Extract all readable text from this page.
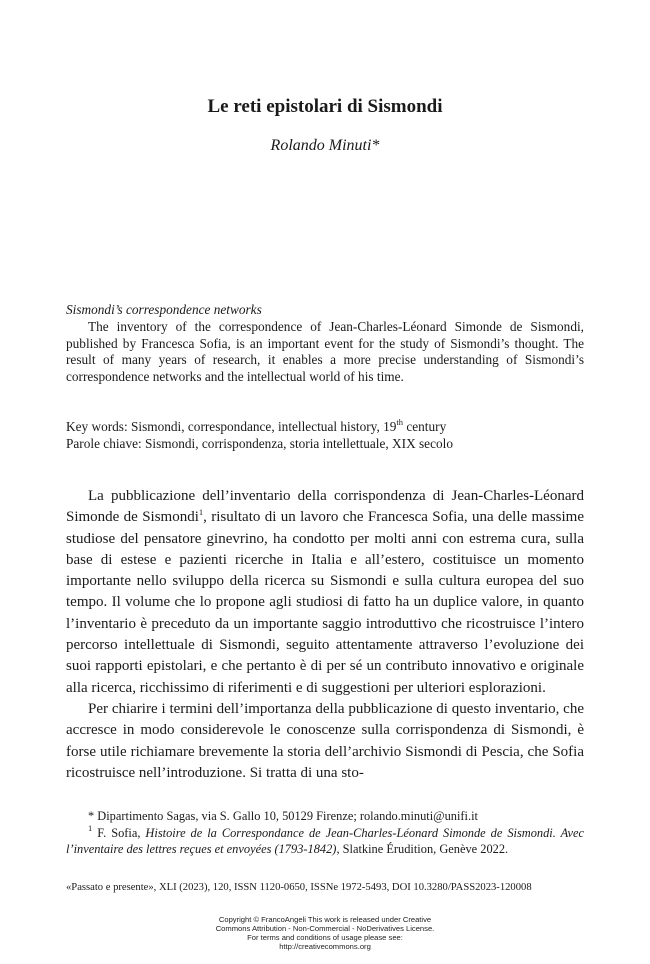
Le reti epistolari di Sismondi
Rolando Minuti*
Sismondi’s correspondence networks
The inventory of the correspondence of Jean-Charles-Léonard Simonde de Sismondi, published by Francesca Sofia, is an important event for the study of Sismondi’s thought. The result of many years of research, it enables a more precise understanding of Sismondi’s correspondence networks and the intellectual world of his time.
Key words: Sismondi, correspondance, intellectual history, 19th century
Parole chiave: Sismondi, corrispondenza, storia intellettuale, XIX secolo

La pubblicazione dell’inventario della corrispondenza di Jean-Charles-Léonard Simonde de Sismondi$^1$, risultato di un lavoro che Francesca Sofia, una delle massime studiose del pensatore ginevrino, ha condotto per molti anni con estrema cura, sulla base di estese e pazienti ricerche in Italia e all’estero, costituisce un momento importante nello sviluppo della ricerca su Sismondi e sulla cultura europea del suo tempo. Il volume che lo propone agli studiosi di fatto ha un duplice valore, in quanto l’inventario è preceduto da un importante saggio introduttivo che ricostruisce l’intero percorso intellettuale di Sismondi, seguito attentamente attraverso l’evoluzione dei suoi rapporti epistolari, e che pertanto è di per sé un contributo innovativo e originale alla ricerca, ricchissimo di riferimenti e di suggestioni per ulteriori esplorazioni.

Per chiarire i termini dell’importanza della pubblicazione di questo inventario, che accresce in modo considerevole le conoscenze sulla corrispondenza di Sismondi, è forse utile richiamare brevemente la storia dell’archivio Sismondi di Pescia, che Sofia ricostruisce nell’introduzione. Si tratta di una sto-

* Dipartimento Sagas, via S. Gallo 10, 50129 Firenze; rolando.minuti@unifi.it

$^1$ F. Sofia, Histoire de la Correspondance de Jean-Charles-Léonard Simonde de Sismondi. Avec l’inventaire des lettres reçues et envoyées (1793-1842), Slatkine Érudition, Genève 2022.

«Passato e presente», XLI (2023), 120, ISSN 1120-0650, ISSNe 1972-5493, DOI 10.3280/PASS2023-120008
Copyright © FrancoAngeli This work is released under Creative
Commons Attribution - Non-Commercial - NoDerivatives License.
For terms and conditions of usage please see:
http://creativecommons.org
